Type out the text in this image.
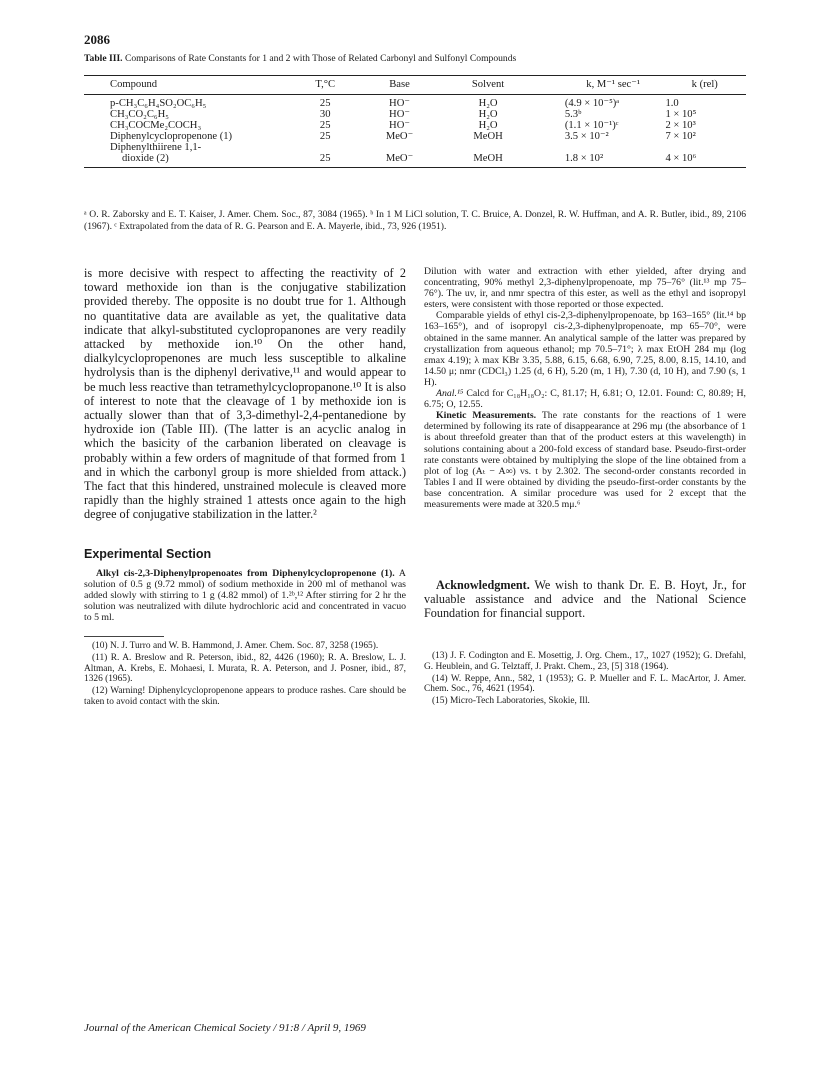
2086
Table III. Comparisons of Rate Constants for 1 and 2 with Those of Related Carbonyl and Sulfonyl Compounds
Compound	T,°C	Base	Solvent	k, M⁻¹ sec⁻¹	k (rel)
p-CH₃C₆H₄SO₂OC₆H₅	25	HO⁻	H₂O	(4.9 × 10⁻⁵)ᵃ	1.0
CH₃CO₂C₆H₅	30	HO⁻	H₂O	5.3ᵇ	1 × 10⁵
CH₃COCMe₂COCH₃	25	HO⁻	H₂O	(1.1 × 10⁻¹)ᶜ	2 × 10³
Diphenylcyclopropenone (1)	25	MeO⁻	MeOH	3.5 × 10⁻²	7 × 10²
Diphenylthiirene 1,1-					
dioxide (2)	25	MeO⁻	MeOH	1.8 × 10²	4 × 10⁶
ᵃ O. R. Zaborsky and E. T. Kaiser, J. Amer. Chem. Soc., 87, 3084 (1965). ᵇ In 1 M LiCl solution, T. C. Bruice, A. Donzel, R. W. Huffman, and A. R. Butler, ibid., 89, 2106 (1967). ᶜ Extrapolated from the data of R. G. Pearson and E. A. Mayerle, ibid., 73, 926 (1951).

is more decisive with respect to affecting the reactivity of 2 toward methoxide ion than is the conjugative stabilization provided thereby. The opposite is no doubt true for 1. Although no quantitative data are available as yet, the qualitative data indicate that alkyl-substituted cyclopropanones are very readily attacked by methoxide ion.¹⁰ On the other hand, dialkylcyclopropenones are much less susceptible to alkaline hydrolysis than is the diphenyl derivative,¹¹ and would appear to be much less reactive than tetramethylcyclopropanone.¹⁰ It is also of interest to note that the cleavage of 1 by methoxide ion is actually slower than that of 3,3-dimethyl-2,4-pentanedione by hydroxide ion (Table III). (The latter is an acyclic analog in which the basicity of the carbanion liberated on cleavage is probably within a few orders of magnitude of that formed from 1 and in which the carbonyl group is more shielded from attack.) The fact that this hindered, unstrained molecule is cleaved more rapidly than the highly strained 1 attests once again to the high degree of conjugative stabilization in the latter.²

Experimental Section

Alkyl cis-2,3-Diphenylpropenoates from Diphenylcyclopropenone (1). A solution of 0.5 g (9.72 mmol) of sodium methoxide in 200 ml of methanol was added slowly with stirring to 1 g (4.82 mmol) of 1.²ᵇ,¹² After stirring for 2 hr the solution was neutralized with dilute hydrochloric acid and concentrated in vacuo to 5 ml.

Dilution with water and extraction with ether yielded, after drying and concentrating, 90% methyl 2,3-diphenylpropenoate, mp 75–76° (lit.¹³ mp 75–76°). The uv, ir, and nmr spectra of this ester, as well as the ethyl and isopropyl esters, were consistent with those reported or those expected.

Comparable yields of ethyl cis-2,3-diphenylpropenoate, bp 163–165° (lit.¹⁴ bp 163–165°), and of isopropyl cis-2,3-diphenylpropenoate, mp 65–70°, were obtained in the same manner. An analytical sample of the latter was prepared by crystallization from aqueous ethanol; mp 70.5–71°; λ max EtOH 284 mμ (log εmax 4.19); λ max KBr 3.35, 5.88, 6.15, 6.68, 6.90, 7.25, 8.00, 8.15, 14.10, and 14.50 μ; nmr (CDCl₃) 1.25 (d, 6 H), 5.20 (m, 1 H), 7.30 (d, 10 H), and 7.90 (s, 1 H).

Anal.¹⁵ Calcd for C₁₈H₁₈O₂: C, 81.17; H, 6.81; O, 12.01. Found: C, 80.89; H, 6.75; O, 12.55.

Kinetic Measurements. The rate constants for the reactions of 1 were determined by following its rate of disappearance at 296 mμ (the absorbance of 1 is about threefold greater than that of the product esters at this wavelength) in solutions containing about a 200-fold excess of standard base. Pseudo-first-order rate constants were obtained by multiplying the slope of the line obtained from a plot of log (Aₜ − A∞) vs. t by 2.302. The second-order constants recorded in Tables I and II were obtained by dividing the pseudo-first-order constants by the base concentration. A similar procedure was used for 2 except that the measurements were made at 320.5 mμ.⁶

Acknowledgment. We wish to thank Dr. E. B. Hoyt, Jr., for valuable assistance and advice and the National Science Foundation for financial support.

(10) N. J. Turro and W. B. Hammond, J. Amer. Chem. Soc. 87, 3258 (1965).

(11) R. A. Breslow and R. Peterson, ibid., 82, 4426 (1960); R. A. Breslow, L. J. Altman, A. Krebs, E. Mohaesi, I. Murata, R. A. Peterson, and J. Posner, ibid., 87, 1326 (1965).

(12) Warning! Diphenylcyclopropenone appears to produce rashes. Care should be taken to avoid contact with the skin.

(13) J. F. Codington and E. Mosettig, J. Org. Chem., 17,, 1027 (1952); G. Drefahl, G. Heublein, and G. Telztaff, J. Prakt. Chem., 23, [5] 318 (1964).

(14) W. Reppe, Ann., 582, 1 (1953); G. P. Mueller and F. L. MacArtor, J. Amer. Chem. Soc., 76, 4621 (1954).

(15) Micro-Tech Laboratories, Skokie, Ill.

Journal of the American Chemical Society / 91:8 / April 9, 1969
